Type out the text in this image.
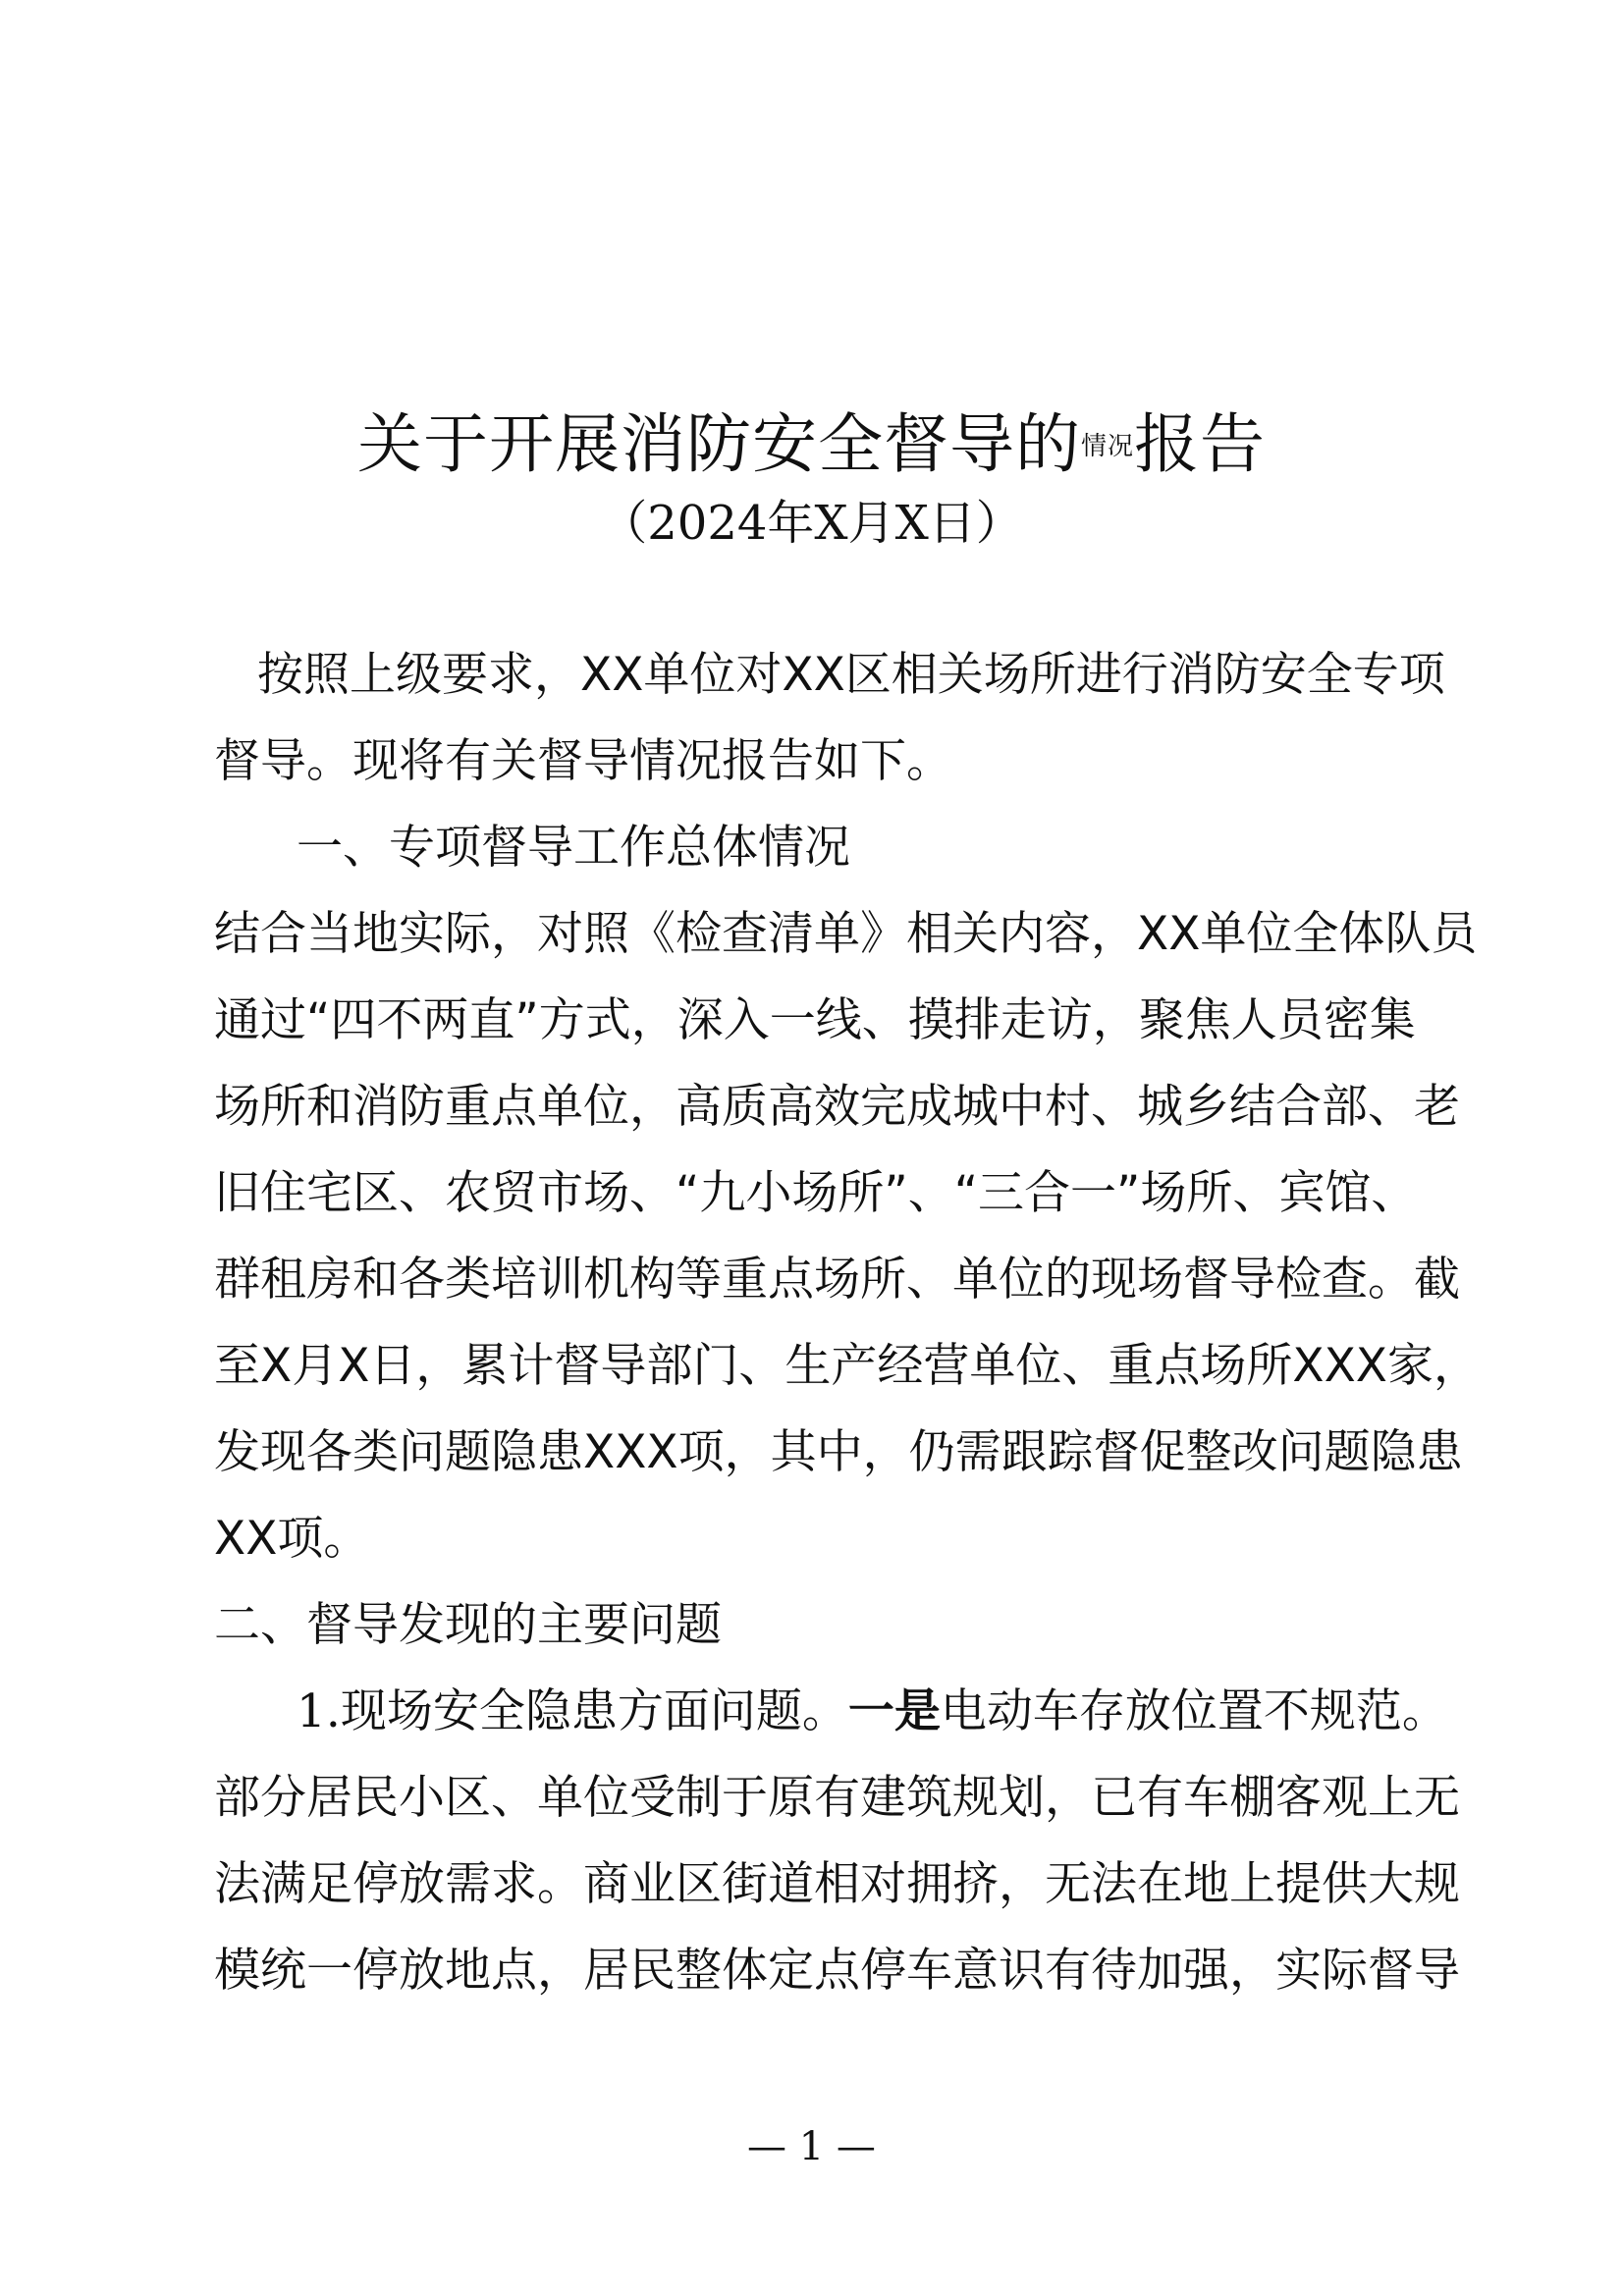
关于开展消防安全督导的情况报告
（2024年X月X日）
按照上级要求，XX单位对XX区相关场所进行消防安全专项
督导。现将有关督导情况报告如下。
一、专项督导工作总体情况
结合当地实际，对照《检查清单》相关内容，XX单位全体队员
通过“四不两直”方式，深入一线、摸排走访，聚焦人员密集
场所和消防重点单位，高质高效完成城中村、城乡结合部、老
旧住宅区、农贸市场、“九小场所”、“三合一”场所、宾馆、
群租房和各类培训机构等重点场所、单位的现场督导检查。截
至X月X日，累计督导部门、生产经营单位、重点场所XXX家，
发现各类问题隐患XXX项，其中，仍需跟踪督促整改问题隐患
XX项。
二、督导发现的主要问题
1.现场安全隐患方面问题。一是电动车存放位置不规范。
部分居民小区、单位受制于原有建筑规划，已有车棚客观上无
法满足停放需求。商业区街道相对拥挤，无法在地上提供大规
模统一停放地点，居民整体定点停车意识有待加强，实际督导
— 1 —
